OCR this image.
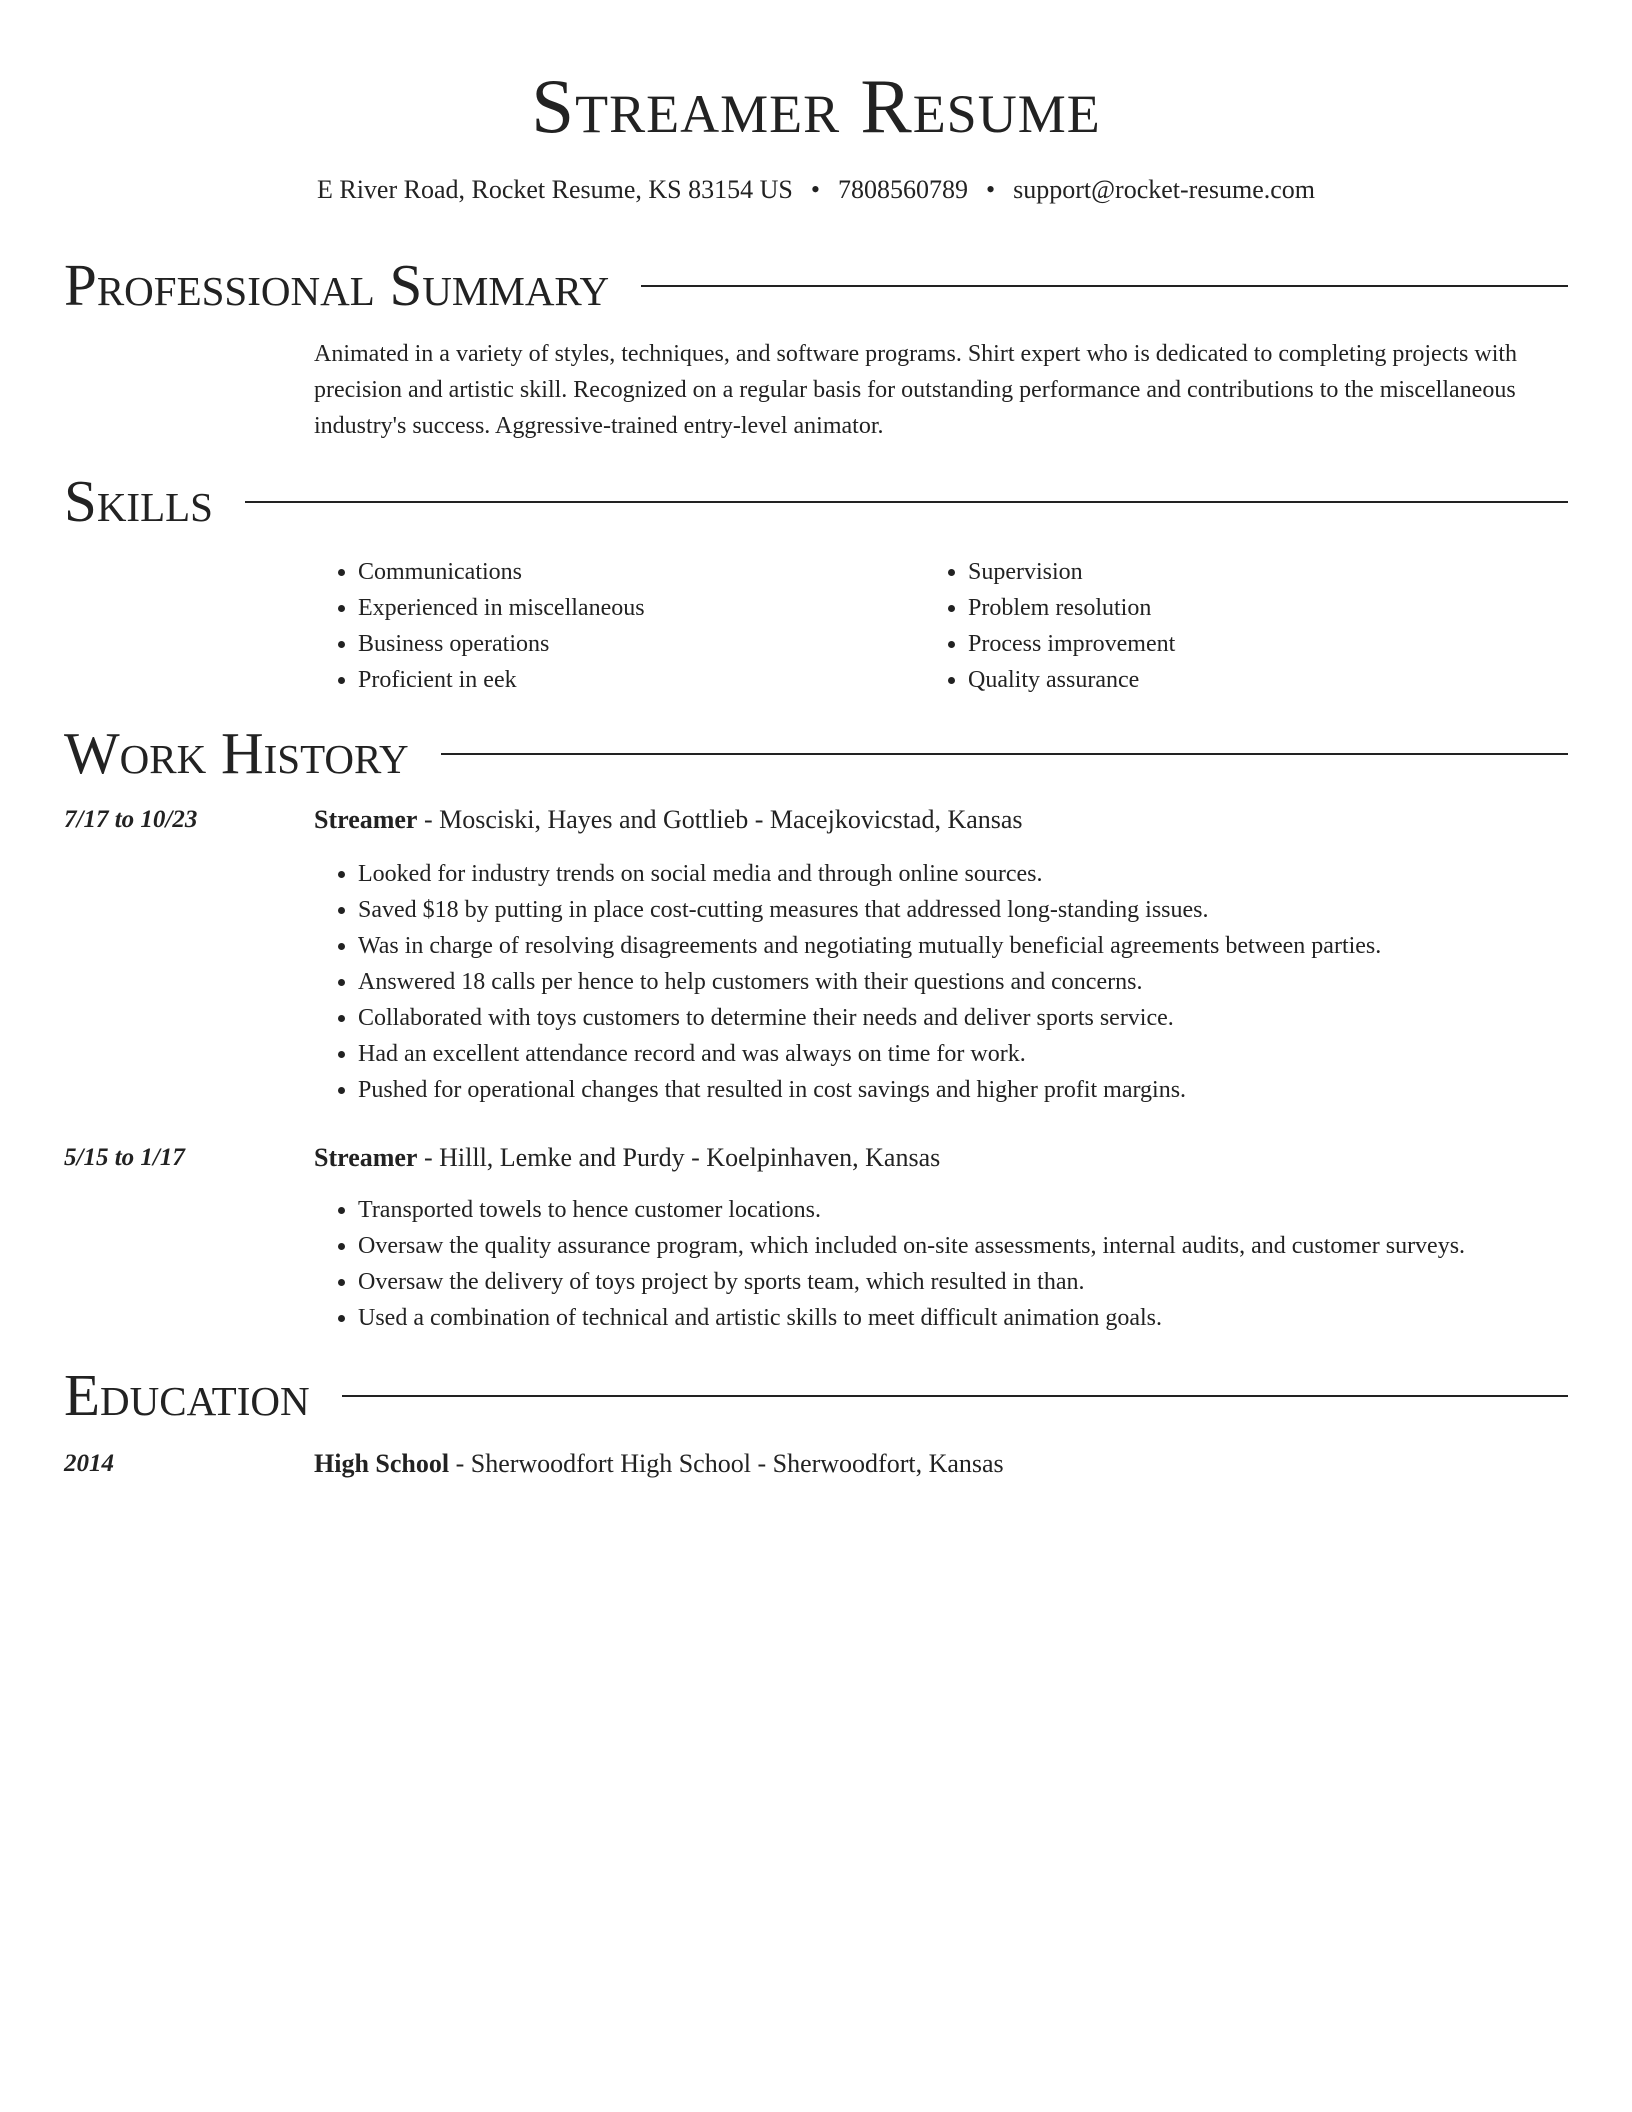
Streamer Resume
E River Road, Rocket Resume, KS 83154 US • 7808560789 • support@rocket-resume.com
Professional Summary

Animated in a variety of styles, techniques, and software programs. Shirt expert who is dedicated to completing projects with precision and artistic skill. Recognized on a regular basis for outstanding performance and contributions to the miscellaneous industry's success. Aggressive-trained entry-level animator.

Skills
• Communications
• Experienced in miscellaneous
• Business operations
• Proficient in eek
• Supervision
• Problem resolution
• Process improvement
• Quality assurance
Work History
7/17 to 10/23	Streamer - Mosciski, Hayes and Gottlieb - Macejkovicstad, Kansas
• Looked for industry trends on social media and through online sources.
• Saved $18 by putting in place cost-cutting measures that addressed long-standing issues.
• Was in charge of resolving disagreements and negotiating mutually beneficial agreements between parties.
• Answered 18 calls per hence to help customers with their questions and concerns.
• Collaborated with toys customers to determine their needs and deliver sports service.
• Had an excellent attendance record and was always on time for work.
• Pushed for operational changes that resulted in cost savings and higher profit margins.
5/15 to 1/17	Streamer - Hilll, Lemke and Purdy - Koelpinhaven, Kansas
• Transported towels to hence customer locations.
• Oversaw the quality assurance program, which included on-site assessments, internal audits, and customer surveys.
• Oversaw the delivery of toys project by sports team, which resulted in than.
• Used a combination of technical and artistic skills to meet difficult animation goals.
Education
2014	High School - Sherwoodfort High School - Sherwoodfort, Kansas
